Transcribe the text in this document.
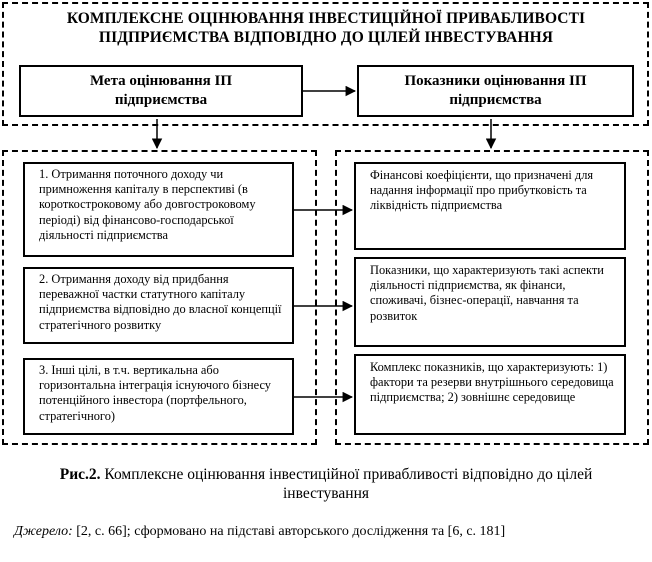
КОМПЛЕКСНЕ ОЦІНЮВАННЯ ІНВЕСТИЦІЙНОЇ ПРИВАБЛИВОСТІ ПІДПРИЄМСТВА ВІДПОВІДНО ДО ЦІЛЕЙ ІНВЕСТУВАННЯ
Мета оцінювання ІП підприємства
Показники оцінювання ІП підприємства
1. Отримання поточного доходу чи примноження капіталу в перспективі (в короткостроковому або довгостроковому періоді) від фінансово-господарської діяльності підприємства
2. Отримання доходу від придбання переважної частки статутного капіталу підприємства відповідно до власної концепції стратегічного розвитку
3. Інші цілі, в т.ч. вертикальна або горизонтальна інтеграція існуючого бізнесу потенційного інвестора (портфельного, стратегічного)
Фінансові коефіцієнти, що призначені для надання інформації про прибутковість та ліквідність підприємства
Показники, що характеризують такі аспекти діяльності підприємства, як фінанси, споживачі, бізнес-операції, навчання та розвиток
Комплекс показників, що характеризують: 1) фактори та резерви внутрішнього середовища підприємства; 2) зовнішнє середовище
Рис.2. Комплексне оцінювання інвестиційної привабливості відповідно до цілей інвестування
Джерело: [2, с. 66]; сформовано на підставі авторського дослідження та [6, с. 181]
